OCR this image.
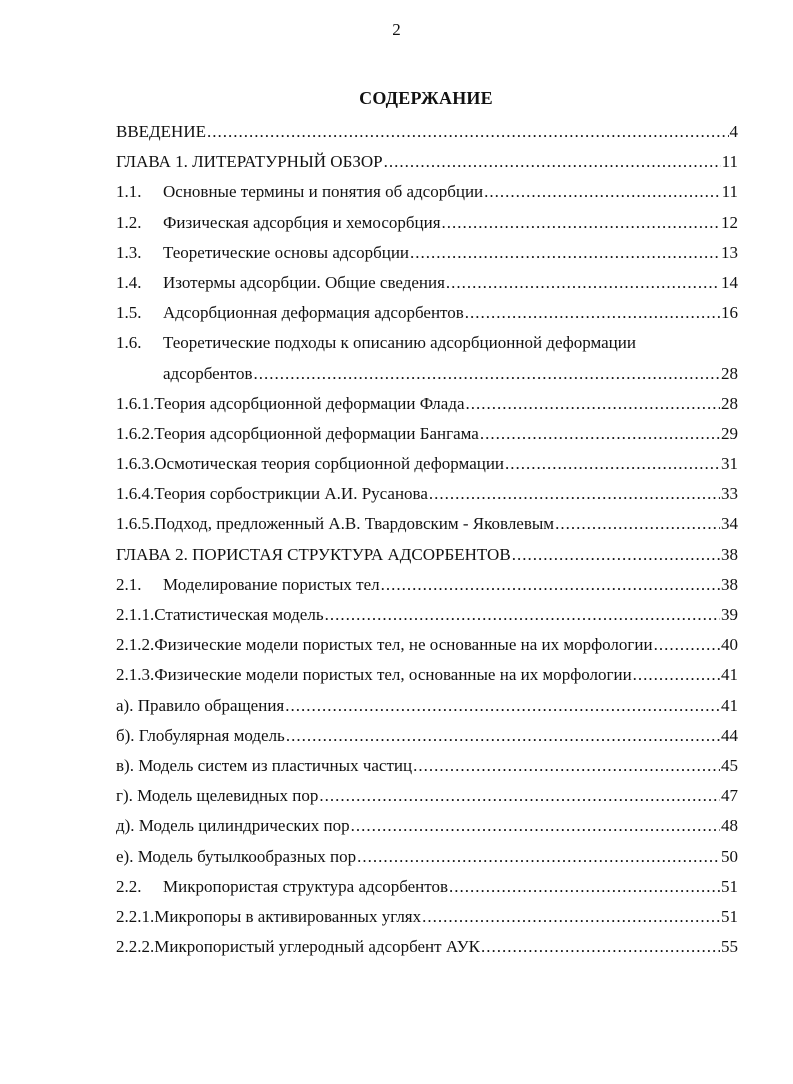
2
СОДЕРЖАНИЕ
ВВЕДЕНИЕ .....	4
ГЛАВА 1. ЛИТЕРАТУРНЫЙ ОБЗОР .....	11
1.1.	Основные термины и понятия об адсорбции .....	11
1.2.	Физическая адсорбция и хемосорбция .....	12
1.3.	Теоретические основы адсорбции .....	13
1.4.	Изотермы адсорбции. Общие сведения .....	14
1.5.	Адсорбционная деформация адсорбентов .....	16
1.6.	Теоретические подходы к описанию адсорбционной деформации
адсорбентов .....	28
1.6.1. Теория адсорбционной деформации Флада .....	28
1.6.2. Теория адсорбционной деформации Бангама .....	29
1.6.3. Осмотическая теория сорбционной деформации .....	31
1.6.4. Теория сорбострикции А.И. Русанова .....	33
1.6.5. Подход, предложенный А.В. Твардовским - Яковлевым .....	34
ГЛАВА 2. ПОРИСТАЯ СТРУКТУРА АДСОРБЕНТОВ .....	38
2.1.	Моделирование пористых тел .....	38
2.1.1. Статистическая модель .....	39
2.1.2. Физические модели пористых тел, не основанные на их морфологии .....	40
2.1.3. Физические модели пористых тел, основанные на их морфологии .....	41
а). Правило обращения .....	41
б). Глобулярная модель .....	44
в). Модель систем из пластичных частиц .....	45
г). Модель щелевидных пор .....	47
д). Модель цилиндрических пор .....	48
е). Модель бутылкообразных пор .....	50
2.2.	Микропористая структура адсорбентов .....	51
2.2.1. Микропоры в активированных углях .....	51
2.2.2. Микропористый углеродный адсорбент АУК .....	55
